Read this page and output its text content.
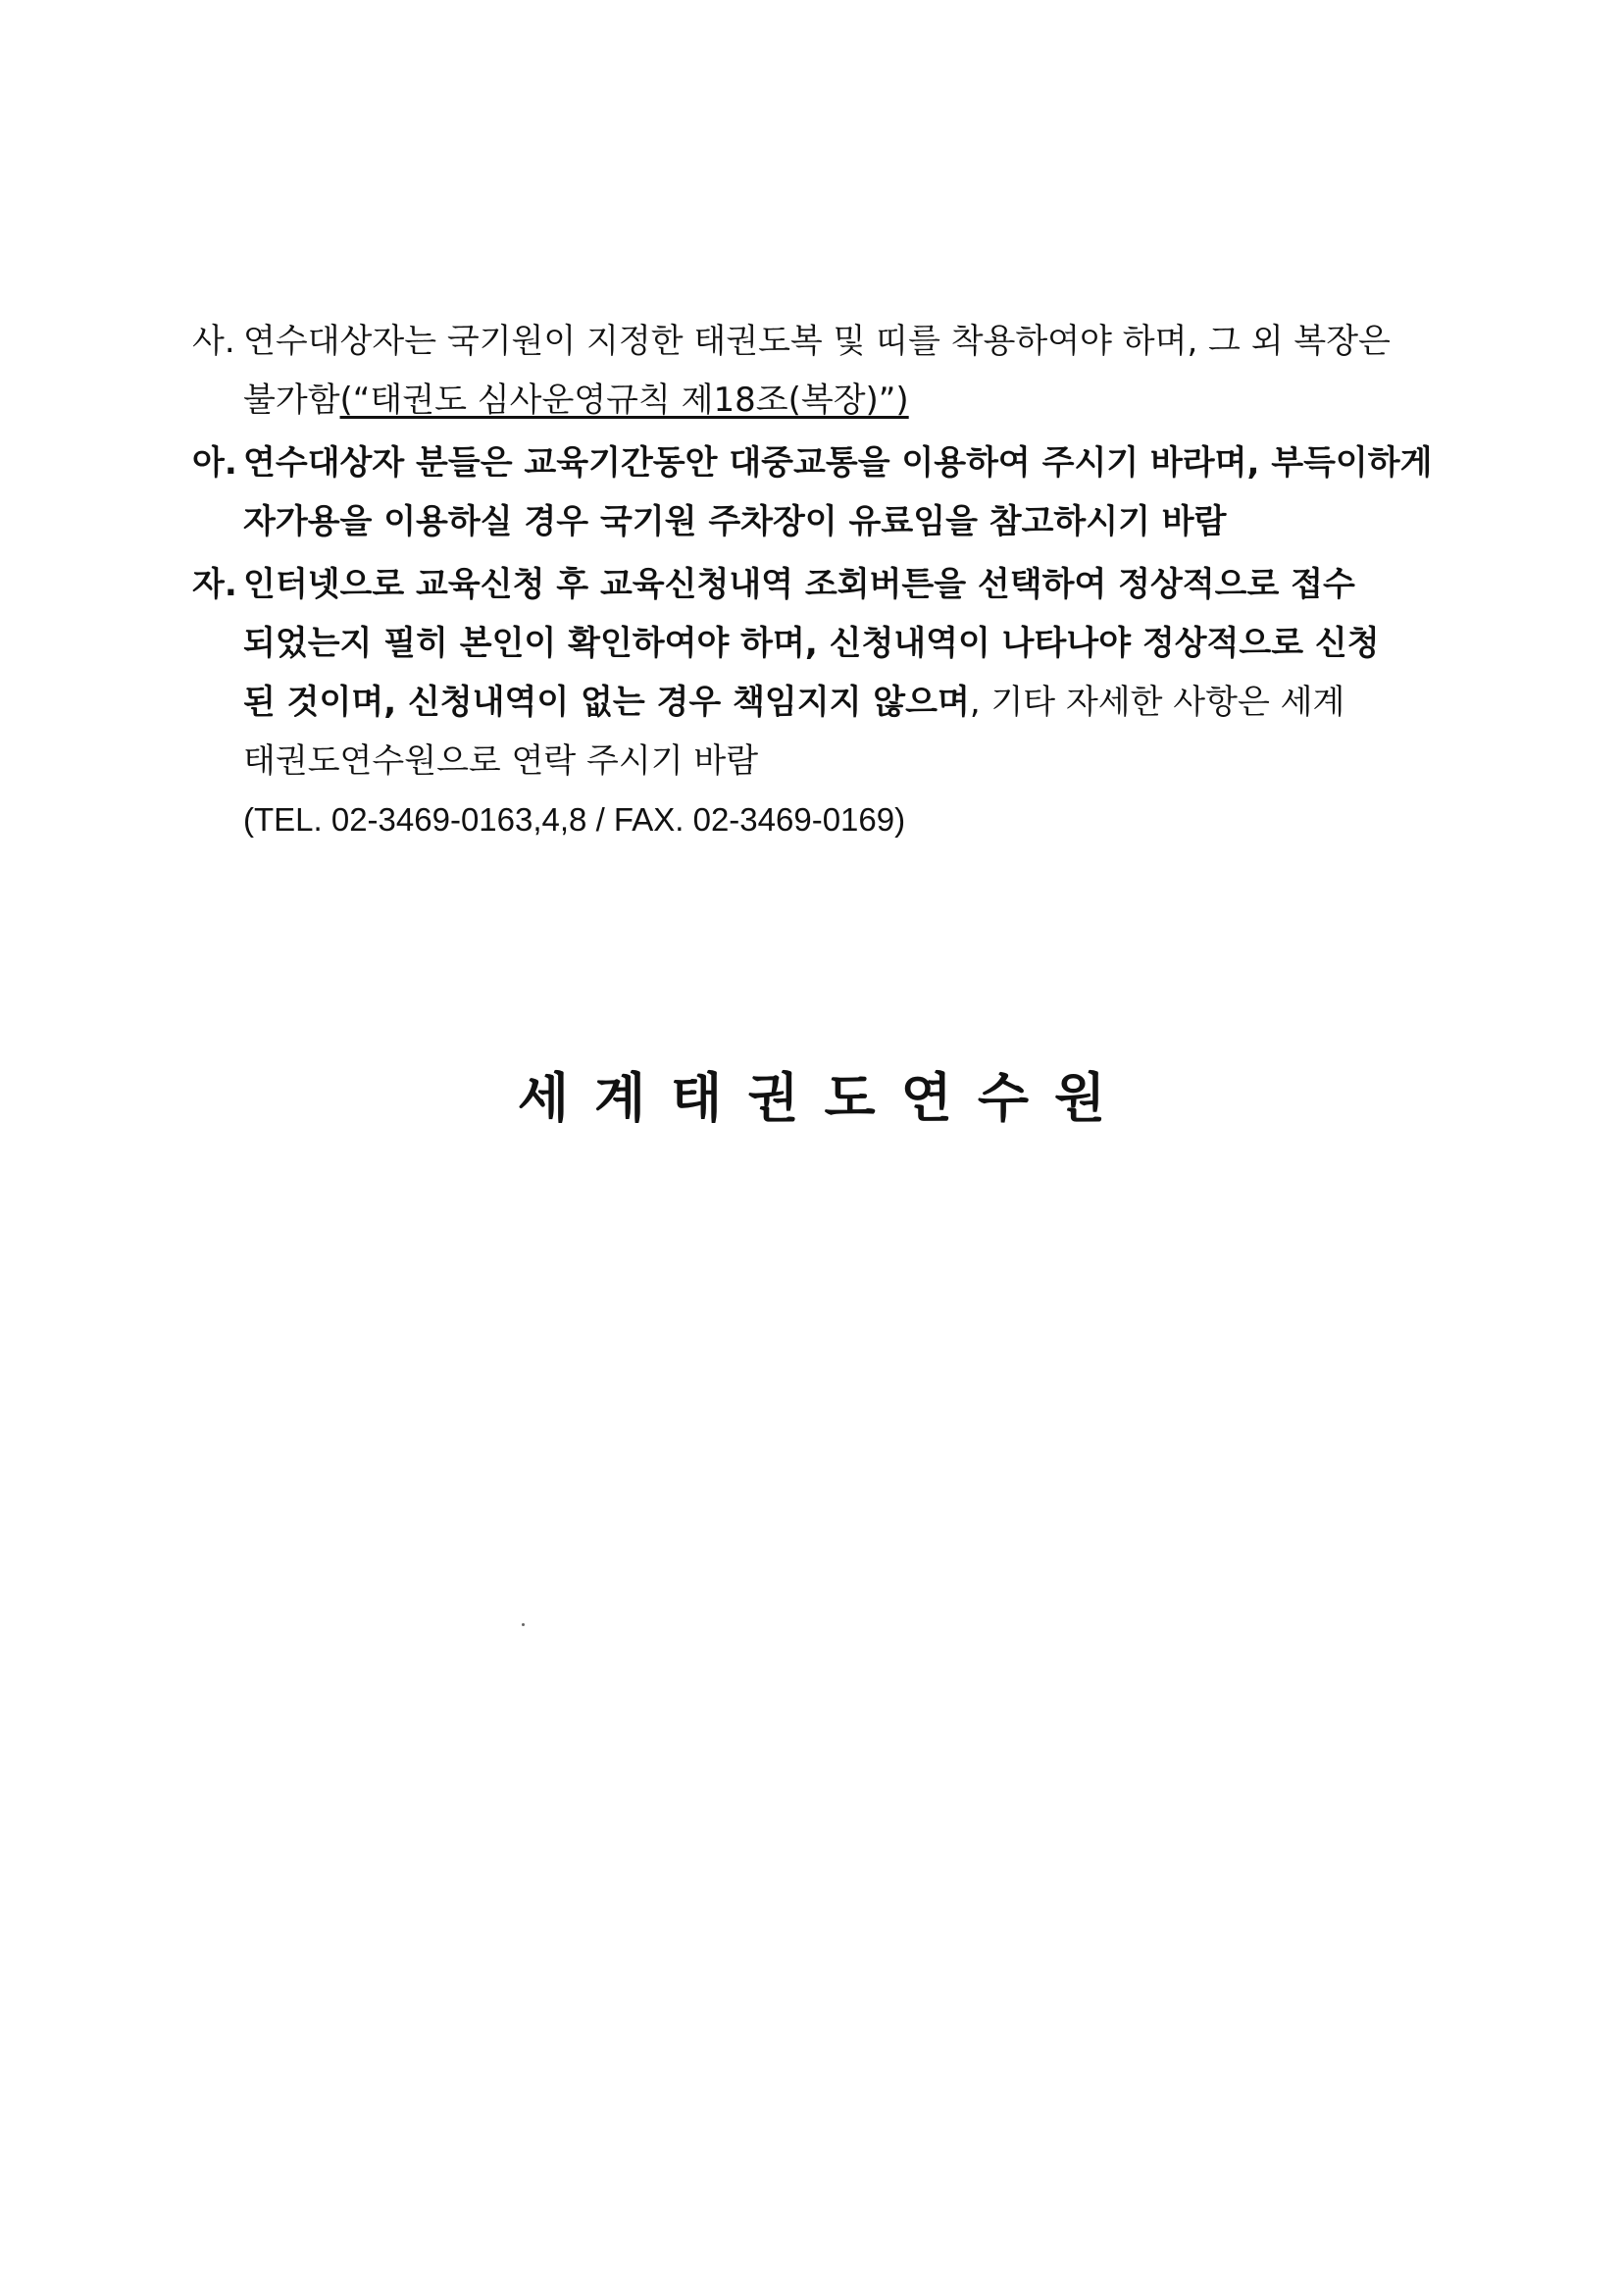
사. 연수대상자는 국기원이 지정한 태권도복 및 띠를 착용하여야 하며, 그 외 복장은
불가함(“태권도 심사운영규칙 제18조(복장)”)

아. 연수대상자 분들은 교육기간동안 대중교통을 이용하여 주시기 바라며, 부득이하게
자가용을 이용하실 경우 국기원 주차장이 유료임을 참고하시기 바람

자. 인터넷으로 교육신청 후 교육신청내역 조회버튼을 선택하여 정상적으로 접수
되었는지 필히 본인이 확인하여야 하며, 신청내역이 나타나야 정상적으로 신청
된 것이며, 신청내역이 없는 경우 책임지지 않으며, 기타 자세한 사항은 세계
태권도연수원으로 연락 주시기 바람
(TEL. 02-3469-0163,4,8 / FAX. 02-3469-0169)

세계태권도연수원
